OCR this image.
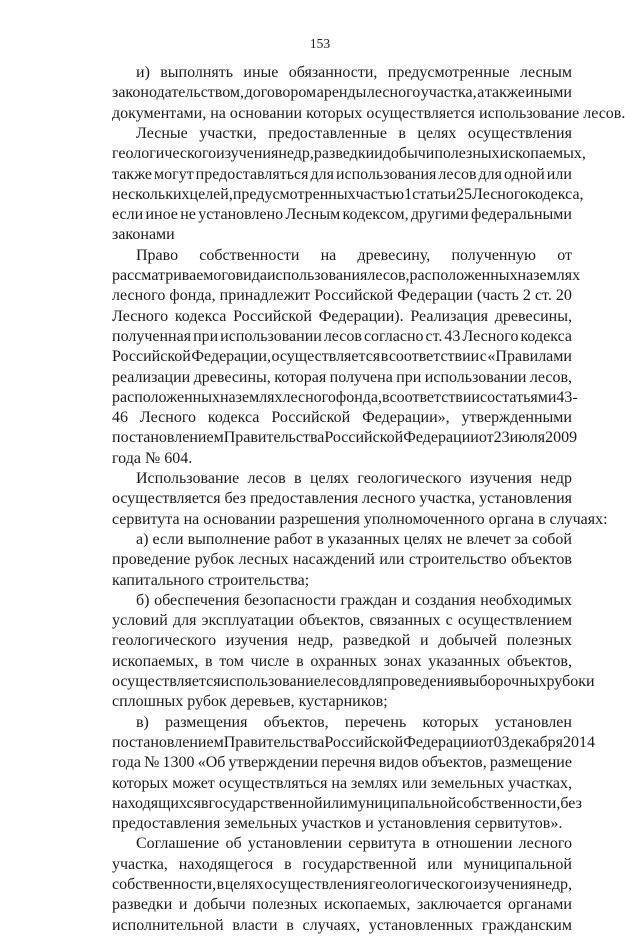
153
и) выполнять иные обязанности, предусмотренные лесным
законодательством, договором аренды лесного участка, а также иными
документами, на основании которых осуществляется использование лесов.
Лесные участки, предоставленные в целях осуществления
геологического изучения недр, разведки и добычи полезных ископаемых,
также могут предоставляться для использования лесов для одной или
нескольких целей, предусмотренных частью 1 статьи 25 Лесного кодекса,
если иное не установлено Лесным кодексом, другими федеральными
законами
Право собственности на древесину, полученную от
рассматриваемого вида использования лесов, расположенных на землях
лесного фонда, принадлежит Российской Федерации (часть 2 ст. 20
Лесного кодекса Российской Федерации). Реализация древесины,
полученная при использовании лесов согласно ст. 43 Лесного кодекса
Российской Федерации, осуществляется в соответствии с «Правилами
реализации древесины, которая получена при использовании лесов,
расположенных на землях лесного фонда, в соответствии со статьями 43-
46 Лесного кодекса Российской Федерации», утвержденными
постановлением Правительства Российской Федерации от 23 июля 2009
года № 604.
Использование лесов в целях геологического изучения недр
осуществляется без предоставления лесного участка, установления
сервитута на основании разрешения уполномоченного органа в случаях:
а) если выполнение работ в указанных целях не влечет за собой
проведение рубок лесных насаждений или строительство объектов
капитального строительства;
б) обеспечения безопасности граждан и создания необходимых
условий для эксплуатации объектов, связанных с осуществлением
геологического изучения недр, разведкой и добычей полезных
ископаемых, в том числе в охранных зонах указанных объектов,
осуществляется использование лесов для проведения выборочных рубок и
сплошных рубок деревьев, кустарников;
в) размещения объектов, перечень которых установлен
постановлением Правительства Российской Федерации от 03 декабря 2014
года № 1300 «Об утверждении перечня видов объектов, размещение
которых может осуществляться на землях или земельных участках,
находящихся в государственной или муниципальной собственности, без
предоставления земельных участков и установления сервитутов».
Соглашение об установлении сервитута в отношении лесного
участка, находящегося в государственной или муниципальной
собственности, в целях осуществления геологического изучения недр,
разведки и добычи полезных ископаемых, заключается органами
исполнительной власти в случаях, установленных гражданским
